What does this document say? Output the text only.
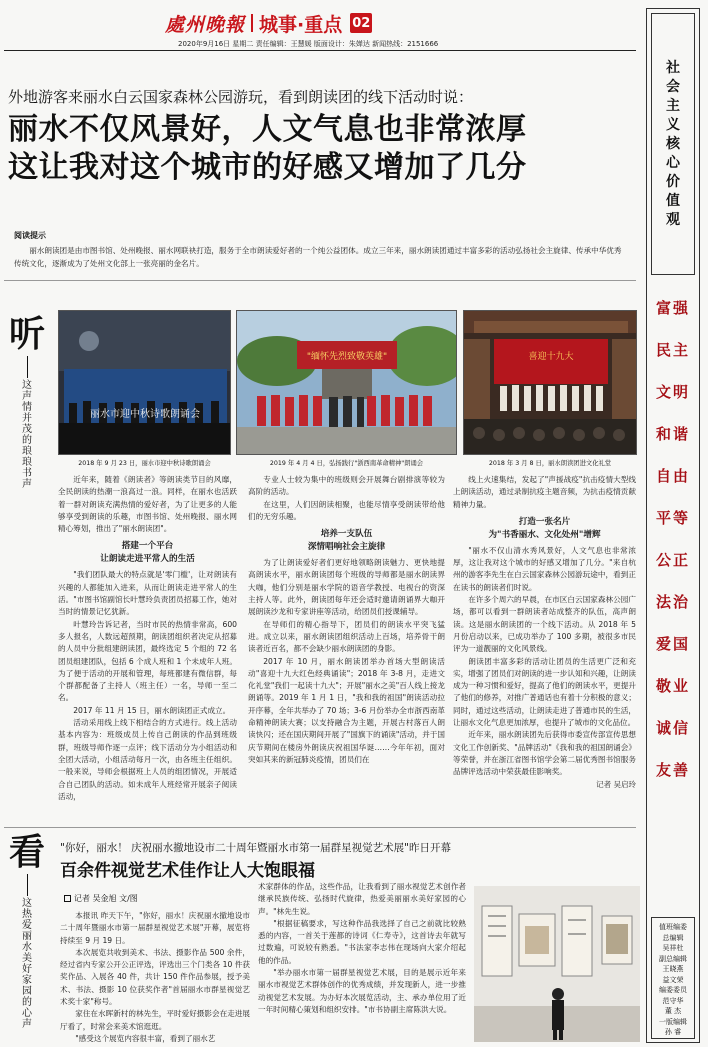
處州晚報 城事·重点 02
2020年9月16日 星期二 责任编辑：王慧媛 版面设计：朱婵达 新闻热线：2151666
外地游客来丽水白云国家森林公园游玩，看到朗读团的线下活动时说：
丽水不仅风景好，人文气息也非常浓厚
这让我对这个城市的好感又增加了几分
阅读提示
丽水朗读团是由市图书馆、处州晚报、丽水网联袂打造，服务于全市朗读爱好者的一个纯公益团体。成立三年来，丽水朗读团通过丰富多彩的活动弘扬社会主旋律、传承中华优秀传统文化，逐渐成为了处州文化部上一张亮丽的金名片。
听
这声情并茂的琅琅书声
丽水市迎中秋诗歌朗诵会
"缅怀先烈致敬英雄"	喜迎十九大
2018 年 9 月 23 日，丽水市迎中秋诗歌朗诵会	2019 年 4 月 4 日，弘扬践行"浙西南革命精神"朗诵会	2018 年 3 月 8 日，丽水朗读团进文化礼堂

近年来，随着《朗读者》等朗读类节目的风靡，全民朗读的热潮一浪高过一浪。同样，在丽水也活跃着一群对朗读充满热情的爱好者，为了让更多的人能够享受到朗读的乐趣，市图书馆、处州晚报、丽水网精心筹划，推出了"丽水朗读团"。

搭建一个平台
让朗读走进平常人的生活

"我们团队最大的特点就是'零门槛'，让对朗读有兴趣的人都能加入进来，从而让朗读走进平常人的生活。"市图书馆副馆长叶慧玲负责团员招募工作，她对当时的情景记忆犹新。

叶慧玲告诉记者，当时市民的热情非常高，600多人报名，人数远超预期，朗读团组织者决定从招募的人员中分批组建朗读团，最终选定 5 个组的 72 名团员组建团队，包括 6 个成人班和 1 个未成年人班。为了便于活动的开展和管理，每班都建有微信群，每个群都配备了主持人（班主任）一名，导师一至二名。

2017 年 11 月 15 日，丽水朗读团正式成立。

活动采用线上线下相结合的方式进行。线上活动基本内容为：班级成员上传自己朗读的作品到班级群，班级导师作逐一点评；线下活动分为小组活动和全团大活动，小组活动每月一次，由各班主任组织。一般来说，导师会根据班上人员的组团情况，开展适合自己团队的活动。如未成年人班经常开展亲子阅读活动，

专业人士较为集中的班级则会开展舞台剧排演等较为高阶的活动。

在这里，人们因朗读相聚，也能尽情享受朗读带给他们的无穷乐趣。

培养一支队伍
深情唱响社会主旋律

为了让朗读爱好者们更好地领略朗读魅力、更快地提高朗读水平，丽水朗读团每个班级的导师都是丽水朗读界大咖，他们分别是丽水学院的语音学教授、电视台的资深主持人等。此外，朗读团每年还会适时邀请朗诵界大咖开展朗读沙龙和专家讲座等活动，给团员们授课辅导。

在导师们的精心指导下，团员们的朗读水平突飞猛进。成立以来，丽水朗读团组织活动上百场，培养骨干朗读者近百名，都不会缺少丽水朗读团的身影。

2017 年 10 月，丽水朗读团举办首场大型朗读活动"喜迎十九大红色经典诵读"；2018 年 3-8 月，走进文化礼堂"我们一起读十九大"；开展"丽水之美"百人线上接龙朗诵等。2019 年 1 月 1 日，"我和我的祖国"朗读活动拉开序幕，全年共举办了 70 场；3-6 月份举办全市浙西南革命精神朗读大赛；以支持融合为主题，开展古村落百人朗读快闪；还在国庆期间开展了"国旗下的诵读"活动，并于国庆节期间在楼房外朗读庆祝祖国华诞……今年年初，面对突如其来的新冠肺炎疫情，团员们在

线上火速集结，发起了"声援战疫"抗击疫情大型线上朗读活动，通过录制抗疫主题音频，为抗击疫情贡献精神力量。

打造一张名片
为"书香丽水、文化处州"增辉

"丽水不仅山清水秀风景好，人文气息也非常浓厚，这让我对这个城市的好感又增加了几分。"来自杭州的游客李先生在白云国家森林公园游玩途中，看到正在读书的朗读者们时说。

在许多个周六的早晨，在市区白云国家森林公园广场，都可以看到一群朗读者站成整齐的队伍，高声朗读。这是丽水朗读团的一个线下活动。从 2018 年 5 月份启动以来，已成功举办了 100 多期，被很多市民评为一道靓丽的文化风景线。

朗读团丰富多彩的活动让团员的生活更广泛和充实，增强了团员们对朗读的进一步认知和兴趣，让朗读成为一种习惯和爱好，提高了他们的朗读水平，更提升了他们的修养，对推广普通话也有着十分积极的意义；同时，通过这些活动，让朗读走进了普通市民的生活，让丽水文化气息更加浓厚，也提升了城市的文化品位。

近年来，丽水朗读团先后获得市委宣传部宣传思想文化工作创新奖、"品牌活动"《我和我的祖国朗诵会》等荣誉，并在浙江省图书馆学会第二届优秀图书馆服务品牌评选活动中荣获最佳影响奖。

记者 吴启玲
看
这热爱丽水美好家园的心声
"你好，丽水！ 庆祝丽水撤地设市二十周年暨丽水市第一届群星视觉艺术展"昨日开幕
百余件视觉艺术佳作让人大饱眼福
记者 吴金旭 文/图

本报讯 昨天下午，"你好，丽水！庆祝丽水撤地设市二十周年暨丽水市第一届群星视觉艺术展"开幕，展览将持续至 9 月 19 日。

本次展览共收到美术、书法、摄影作品 500 余件，经过省内专家公开公正评选，评选出三个门类各 10 件获奖作品、入展各 40 件，共计 150 件作品参展，授予美术、书法、摄影 10 位获奖作者"首届丽水市群星视觉艺术奖十家"称号。

家住在水晖新村的林先生，平时爱好摄影会在走进展厅看了，时常会来美术馆逛逛。

"感受这个展览内容很丰富，看到了丽水艺

术家群体的作品，这些作品，让我看到了丽水视觉艺术创作者继承民族传统、弘扬时代旋律，热爱美丽丽水美好家园的心声。"林先生说。

"根据征稿要求，写这种作品我选择了自己之前就比较熟悉的内容，一首关于莲都的诗词《仁寿寺》，这首诗去年就写过数遍，可说较有熟悉。"书法家李志伟在现场向大家介绍起他的作品。

"举办丽水市第一届群星视觉艺术展，目的是展示近年来丽水市视觉艺术群体创作的优秀成绩，并发现新人，进一步推动视觉艺术发展。为办好本次展览活动，主、承办单位用了近一年时间精心策划和组织安排。"市书协副主席陈洪大说。

社会主义核心价值观
富强
民主
文明
和谐
自由
平等
公正
法治
爱国
敬业
诚信
友善
值班编委
总编辑
吴祥杜
副总编辑
王晓燕
益文荣
编委委员
范守华
董 杰
一版编辑
孙 睿
